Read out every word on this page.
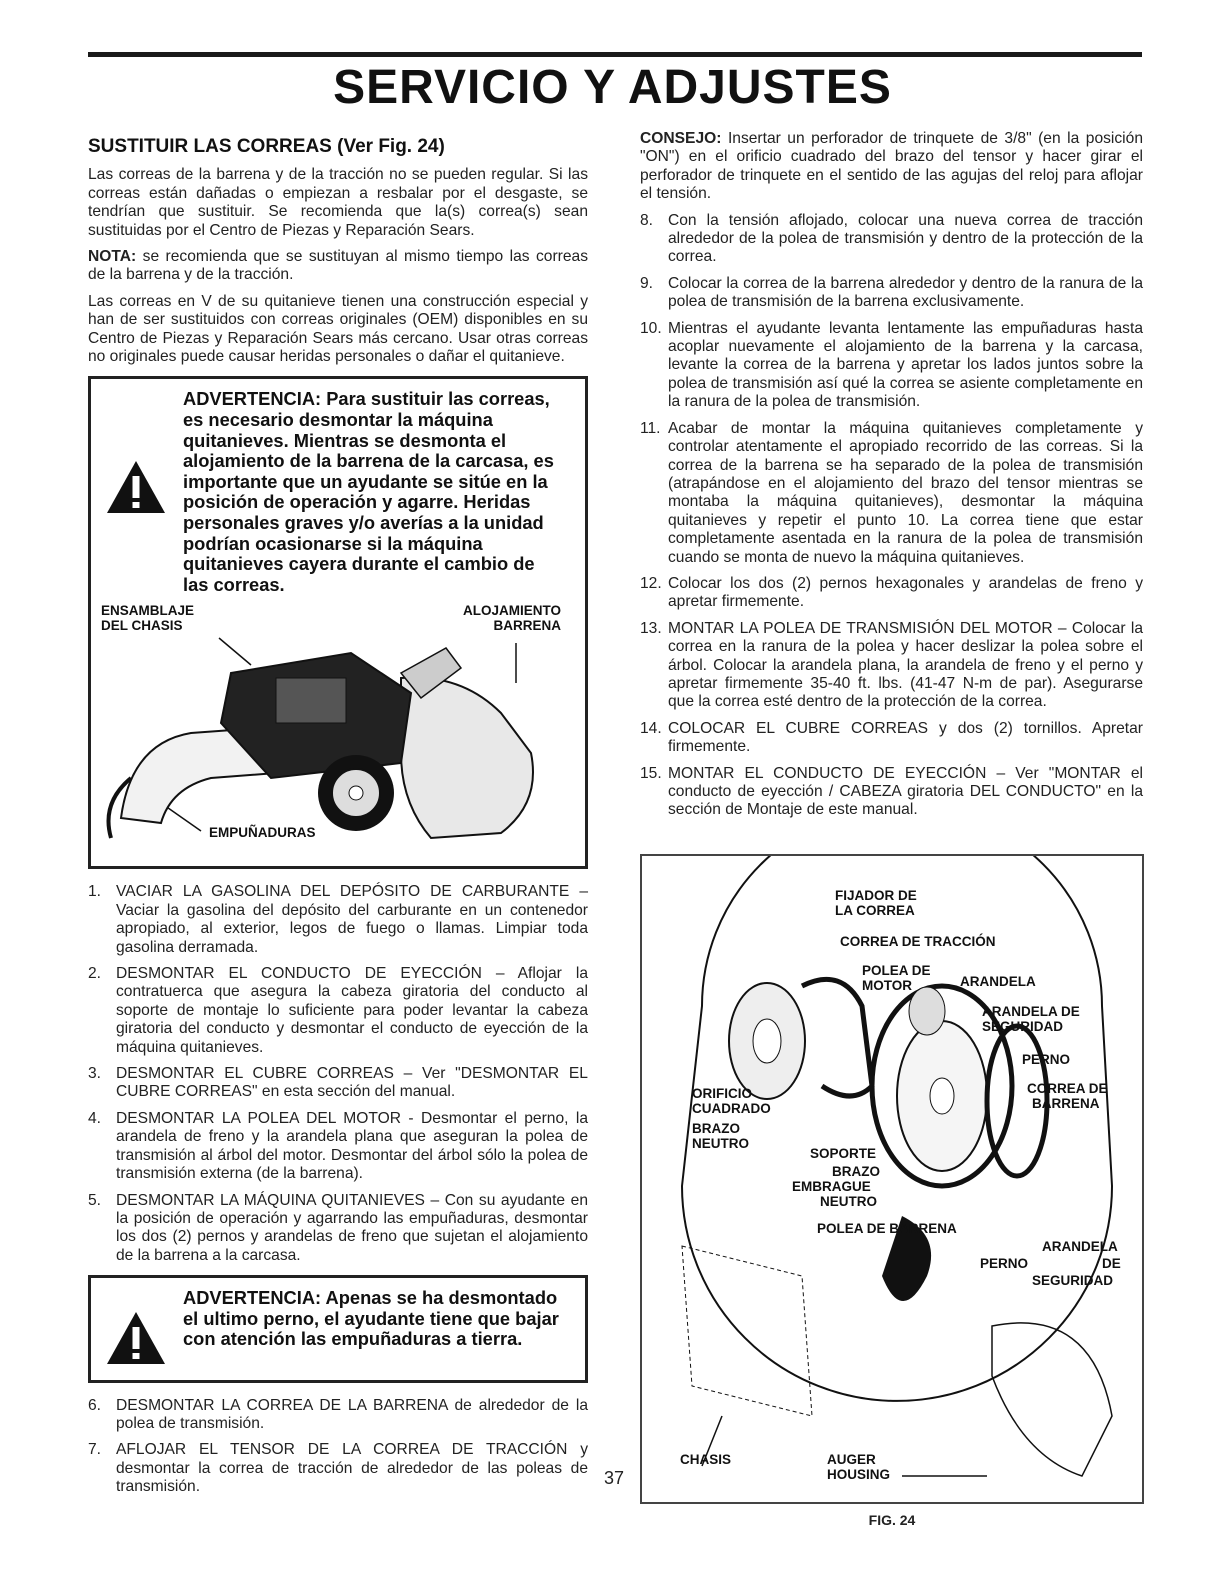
SERVICIO Y ADJUSTES
SUSTITUIR LAS CORREAS (Ver Fig. 24)

Las correas de la barrena y de la tracción no se pueden regular. Si las correas están dañadas o empiezan a resbalar por el desgaste, se tendrían que sustituir. Se recomienda que la(s) correa(s) sean sustituidas por el Centro de Piezas y Reparación Sears.

NOTA: se recomienda que se sustituyan al mismo tiempo las correas de la barrena y de la tracción.

Las correas en V de su quitanieve tienen una construcción especial y han de ser sustituidos con correas originales (OEM) disponibles en su Centro de Piezas y Reparación Sears más cercano. Usar otras correas no originales puede causar heridas personales o dañar el quitanieve.

ADVERTENCIA: Para sustituir las correas, es necesario desmontar la máquina quitanieves. Mientras se desmonta el alojamiento de la barrena de la carcasa, es importante que un ayudante se sitúe en la posición de operación y agarre. Heridas personales graves y/o averías a la unidad podrían ocasionarse si la máquina quitanieves cayera durante el cambio de las correas.
ENSAMBLAJE
DEL CHASIS
ALOJAMIENTO
BARRENA
EMPUÑADURAS
1. VACIAR LA GASOLINA DEL DEPÓSITO DE CARBURANTE – Vaciar la gasolina del depósito del carburante en un contenedor apropiado, al exterior, legos de fuego o llamas. Limpiar toda gasolina derramada.
2. DESMONTAR EL CONDUCTO DE EYECCIÓN – Aflojar la contratuerca que asegura la cabeza giratoria del conducto al soporte de montaje lo suficiente para poder levantar la cabeza giratoria del conducto y desmontar el conducto de eyección de la máquina quitanieves.
3. DESMONTAR EL CUBRE CORREAS – Ver "DESMONTAR EL CUBRE CORREAS" en esta sección del manual.
4. DESMONTAR LA POLEA DEL MOTOR - Desmontar el perno, la arandela de freno y la arandela plana que aseguran la polea de transmisión al árbol del motor. Desmontar del árbol sólo la polea de transmisión externa (de la barrena).
5. DESMONTAR LA MÁQUINA QUITANIEVES – Con su ayudante en la posición de operación y agarrando las empuñaduras, desmontar los dos (2) pernos y arandelas de freno que sujetan el alojamiento de la barrena a la carcasa.
ADVERTENCIA: Apenas se ha desmontado el ultimo perno, el ayudante tiene que bajar con atención las empuñaduras a tierra.
6. DESMONTAR LA CORREA DE LA BARRENA de alrededor de la polea de transmisión.
7. AFLOJAR EL TENSOR DE LA CORREA DE TRACCIÓN y desmontar la correa de tracción de alrededor de las poleas de transmisión.

CONSEJO: Insertar un perforador de trinquete de 3/8" (en la posición "ON") en el orificio cuadrado del brazo del tensor y hacer girar el perforador de trinquete en el sentido de las agujas del reloj para aflojar el tensión.

8. Con la tensión aflojado, colocar una nueva correa de tracción alrededor de la polea de transmisión y dentro de la protección de la correa.
9. Colocar la correa de la barrena alrededor y dentro de la ranura de la polea de transmisión de la barrena exclusivamente.
10. Mientras el ayudante levanta lentamente las empuñaduras hasta acoplar nuevamente el alojamiento de la barrena y la carcasa, levante la correa de la barrena y apretar los lados juntos sobre la polea de transmisión así qué la correa se asiente completamente en la ranura de la polea de transmisión.
11. Acabar de montar la máquina quitanieves completamente y controlar atentamente el apropiado recorrido de las correas. Si la correa de la barrena se ha separado de la polea de transmisión (atrapándose en el alojamiento del brazo del tensor mientras se montaba la máquina quitanieves), desmontar la máquina quitanieves y repetir el punto 10. La correa tiene que estar completamente asentada en la ranura de la polea de transmisión cuando se monta de nuevo la máquina quitanieves.
12. Colocar los dos (2) pernos hexagonales y arandelas de freno y apretar firmemente.
13. MONTAR LA POLEA DE TRANSMISIÓN DEL MOTOR – Colocar la correa en la ranura de la polea y hacer deslizar la polea sobre el árbol. Colocar la arandela plana, la arandela de freno y el perno y apretar firmemente 35-40 ft. lbs. (41-47 N-m de par). Asegurarse que la correa esté dentro de la protección de la correa.
14. COLOCAR EL CUBRE CORREAS y dos (2) tornillos. Apretar firmemente.
15. MONTAR EL CONDUCTO DE EYECCIÓN – Ver "MONTAR el conducto de eyección / CABEZA giratoria DEL CONDUCTO" en la sección de Montaje de este manual.
FIJADOR DE
LA CORREA
CORREA DE TRACCIÓN
POLEA DE
MOTOR	ARANDELA
ARANDELA DE
SEGURIDAD
PERNO
CORREA DE
BARRENA
ORIFICIO
CUADRADO
BRAZO
NEUTRO
SOPORTE
BRAZO
EMBRAGUE
NEUTRO
POLEA DE BARRENA
ARANDELA
PERNO	DE
SEGURIDAD
CHASIS	AUGER
HOUSING
FIG. 24
37
